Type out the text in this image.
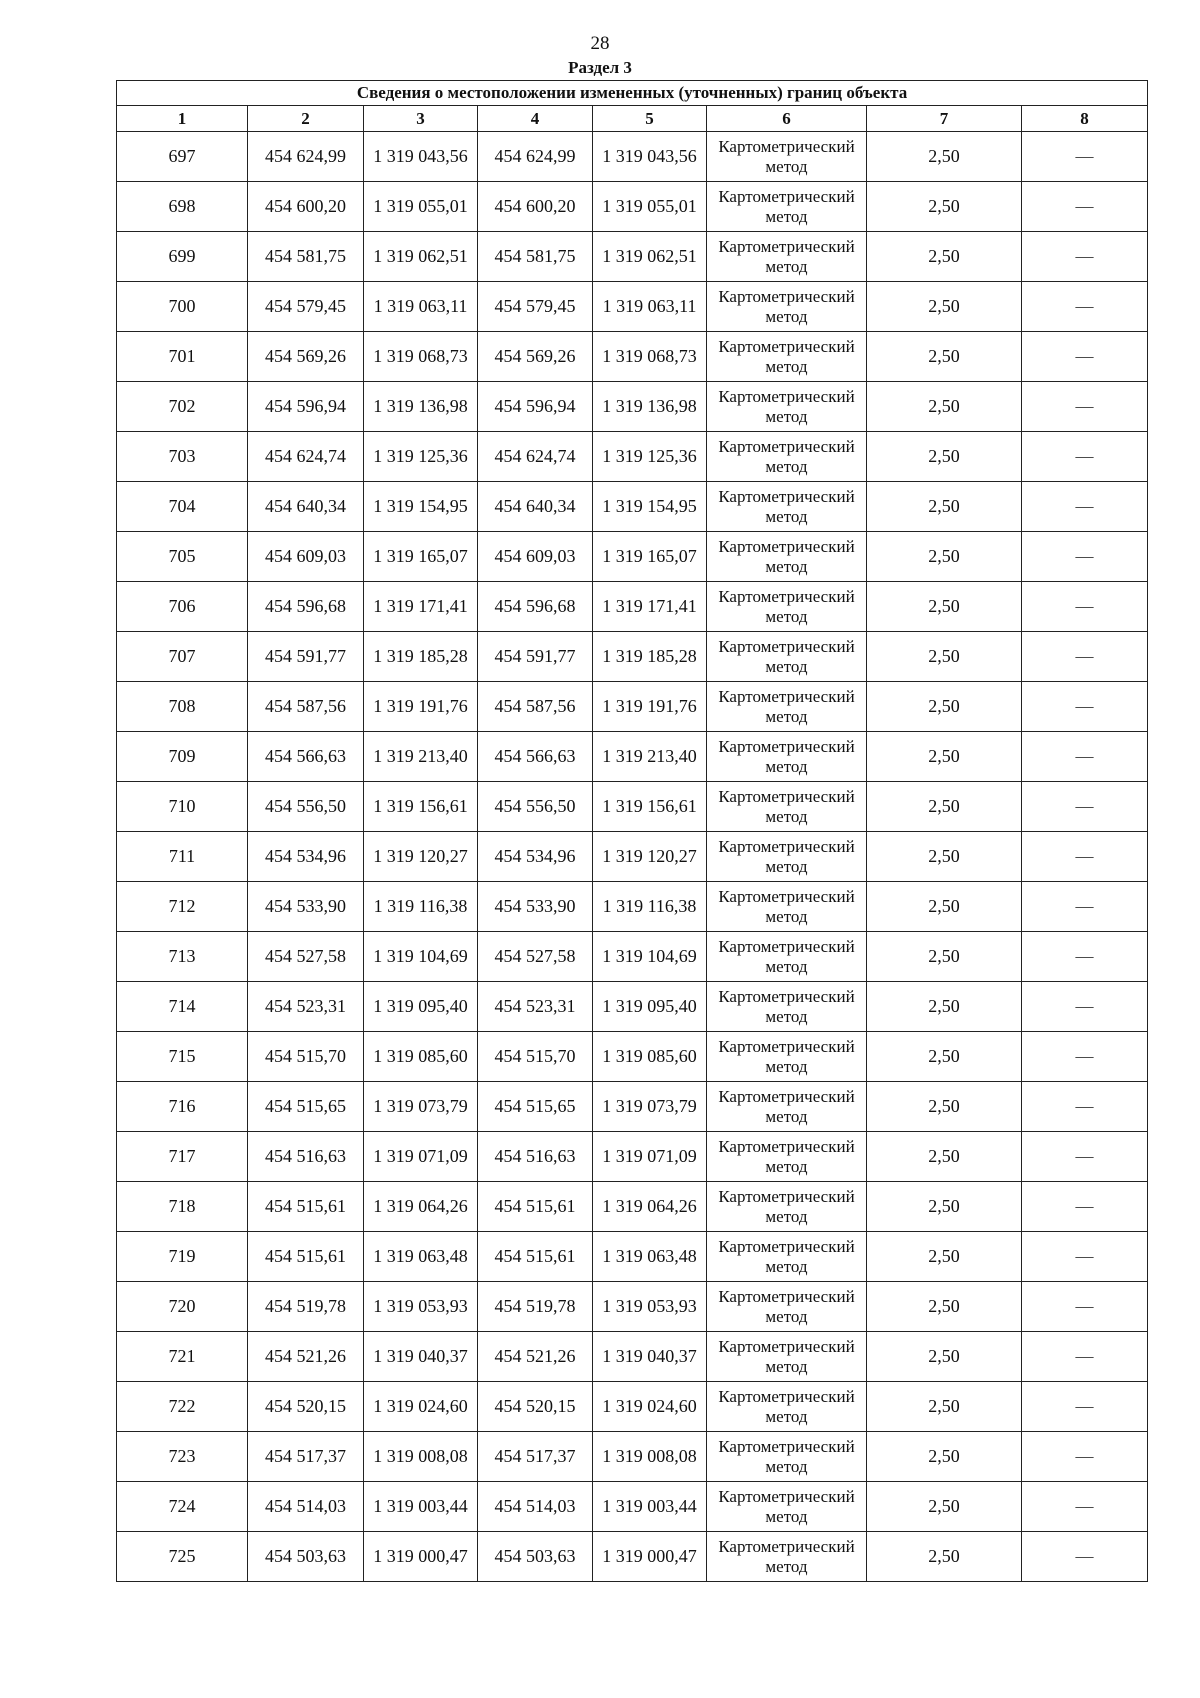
28
Раздел 3
Сведения о местоположении измененных (уточненных) границ объекта							
1	2	3	4	5	6	7	8
697	454 624,99	1 319 043,56	454 624,99	1 319 043,56	Картометрический метод	2,50	—
698	454 600,20	1 319 055,01	454 600,20	1 319 055,01	Картометрический метод	2,50	—
699	454 581,75	1 319 062,51	454 581,75	1 319 062,51	Картометрический метод	2,50	—
700	454 579,45	1 319 063,11	454 579,45	1 319 063,11	Картометрический метод	2,50	—
701	454 569,26	1 319 068,73	454 569,26	1 319 068,73	Картометрический метод	2,50	—
702	454 596,94	1 319 136,98	454 596,94	1 319 136,98	Картометрический метод	2,50	—
703	454 624,74	1 319 125,36	454 624,74	1 319 125,36	Картометрический метод	2,50	—
704	454 640,34	1 319 154,95	454 640,34	1 319 154,95	Картометрический метод	2,50	—
705	454 609,03	1 319 165,07	454 609,03	1 319 165,07	Картометрический метод	2,50	—
706	454 596,68	1 319 171,41	454 596,68	1 319 171,41	Картометрический метод	2,50	—
707	454 591,77	1 319 185,28	454 591,77	1 319 185,28	Картометрический метод	2,50	—
708	454 587,56	1 319 191,76	454 587,56	1 319 191,76	Картометрический метод	2,50	—
709	454 566,63	1 319 213,40	454 566,63	1 319 213,40	Картометрический метод	2,50	—
710	454 556,50	1 319 156,61	454 556,50	1 319 156,61	Картометрический метод	2,50	—
711	454 534,96	1 319 120,27	454 534,96	1 319 120,27	Картометрический метод	2,50	—
712	454 533,90	1 319 116,38	454 533,90	1 319 116,38	Картометрический метод	2,50	—
713	454 527,58	1 319 104,69	454 527,58	1 319 104,69	Картометрический метод	2,50	—
714	454 523,31	1 319 095,40	454 523,31	1 319 095,40	Картометрический метод	2,50	—
715	454 515,70	1 319 085,60	454 515,70	1 319 085,60	Картометрический метод	2,50	—
716	454 515,65	1 319 073,79	454 515,65	1 319 073,79	Картометрический метод	2,50	—
717	454 516,63	1 319 071,09	454 516,63	1 319 071,09	Картометрический метод	2,50	—
718	454 515,61	1 319 064,26	454 515,61	1 319 064,26	Картометрический метод	2,50	—
719	454 515,61	1 319 063,48	454 515,61	1 319 063,48	Картометрический метод	2,50	—
720	454 519,78	1 319 053,93	454 519,78	1 319 053,93	Картометрический метод	2,50	—
721	454 521,26	1 319 040,37	454 521,26	1 319 040,37	Картометрический метод	2,50	—
722	454 520,15	1 319 024,60	454 520,15	1 319 024,60	Картометрический метод	2,50	—
723	454 517,37	1 319 008,08	454 517,37	1 319 008,08	Картометрический метод	2,50	—
724	454 514,03	1 319 003,44	454 514,03	1 319 003,44	Картометрический метод	2,50	—
725	454 503,63	1 319 000,47	454 503,63	1 319 000,47	Картометрический метод	2,50	—
